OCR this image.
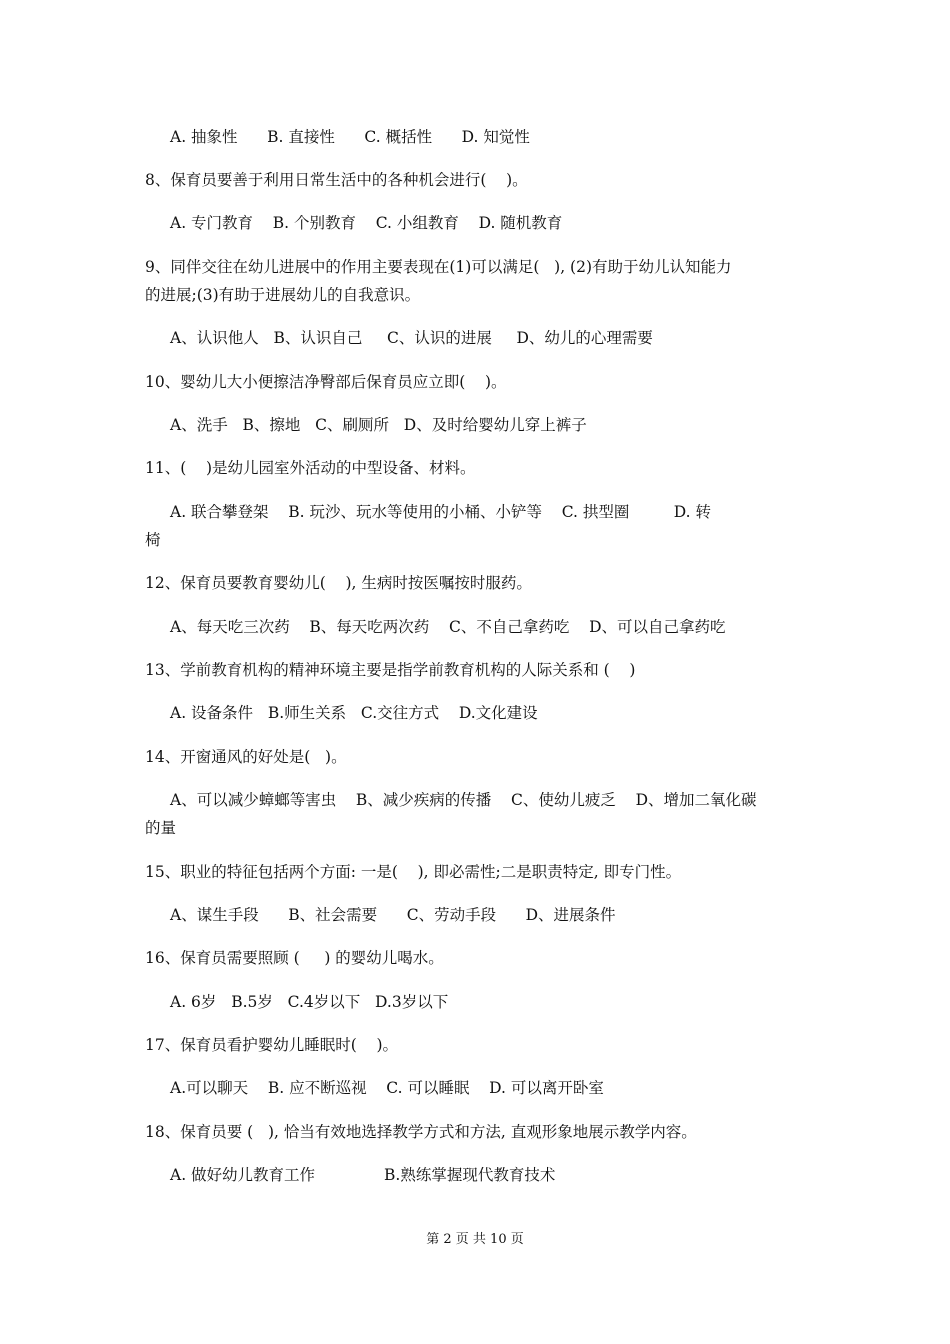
A. 抽象性      B. 直接性      C. 概括性      D. 知觉性
8、保育员要善于利用日常生活中的各种机会进行(    )。
A. 专门教育    B. 个别教育    C. 小组教育    D. 随机教育
9、同伴交往在幼儿进展中的作用主要表现在(1)可以满足(   ), (2)有助于幼儿认知能力
的进展;(3)有助于进展幼儿的自我意识。
A、认识他人   B、认识自己     C、认识的进展     D、幼儿的心理需要
10、婴幼儿大小便擦洁净臀部后保育员应立即(    )。
A、洗手   B、擦地   C、刷厕所   D、及时给婴幼儿穿上裤子
11、(    )是幼儿园室外活动的中型设备、材料。
A. 联合攀登架    B. 玩沙、玩水等使用的小桶、小铲等    C. 拱型圈         D. 转
椅
12、保育员要教育婴幼儿(    ), 生病时按医嘱按时服药。
A、每天吃三次药    B、每天吃两次药    C、不自己拿药吃    D、可以自己拿药吃
13、学前教育机构的精神环境主要是指学前教育机构的人际关系和 (    )
A. 设备条件   B.师生关系   C.交往方式    D.文化建设
14、开窗通风的好处是(   )。
A、可以减少蟑螂等害虫    B、减少疾病的传播    C、使幼儿疲乏    D、增加二氧化碳
的量
15、职业的特征包括两个方面: 一是(    ), 即必需性;二是职责特定, 即专门性。
A、谋生手段      B、社会需要      C、劳动手段      D、进展条件
16、保育员需要照顾 (     ) 的婴幼儿喝水。
A. 6岁   B.5岁   C.4岁以下   D.3岁以下
17、保育员看护婴幼儿睡眠时(    )。
A.可以聊天    B. 应不断巡视    C. 可以睡眠    D. 可以离开卧室
18、保育员要 (   ), 恰当有效地选择教学方式和方法, 直观形象地展示教学内容。
A. 做好幼儿教育工作              B.熟练掌握现代教育技术
第 2 页 共 10 页
